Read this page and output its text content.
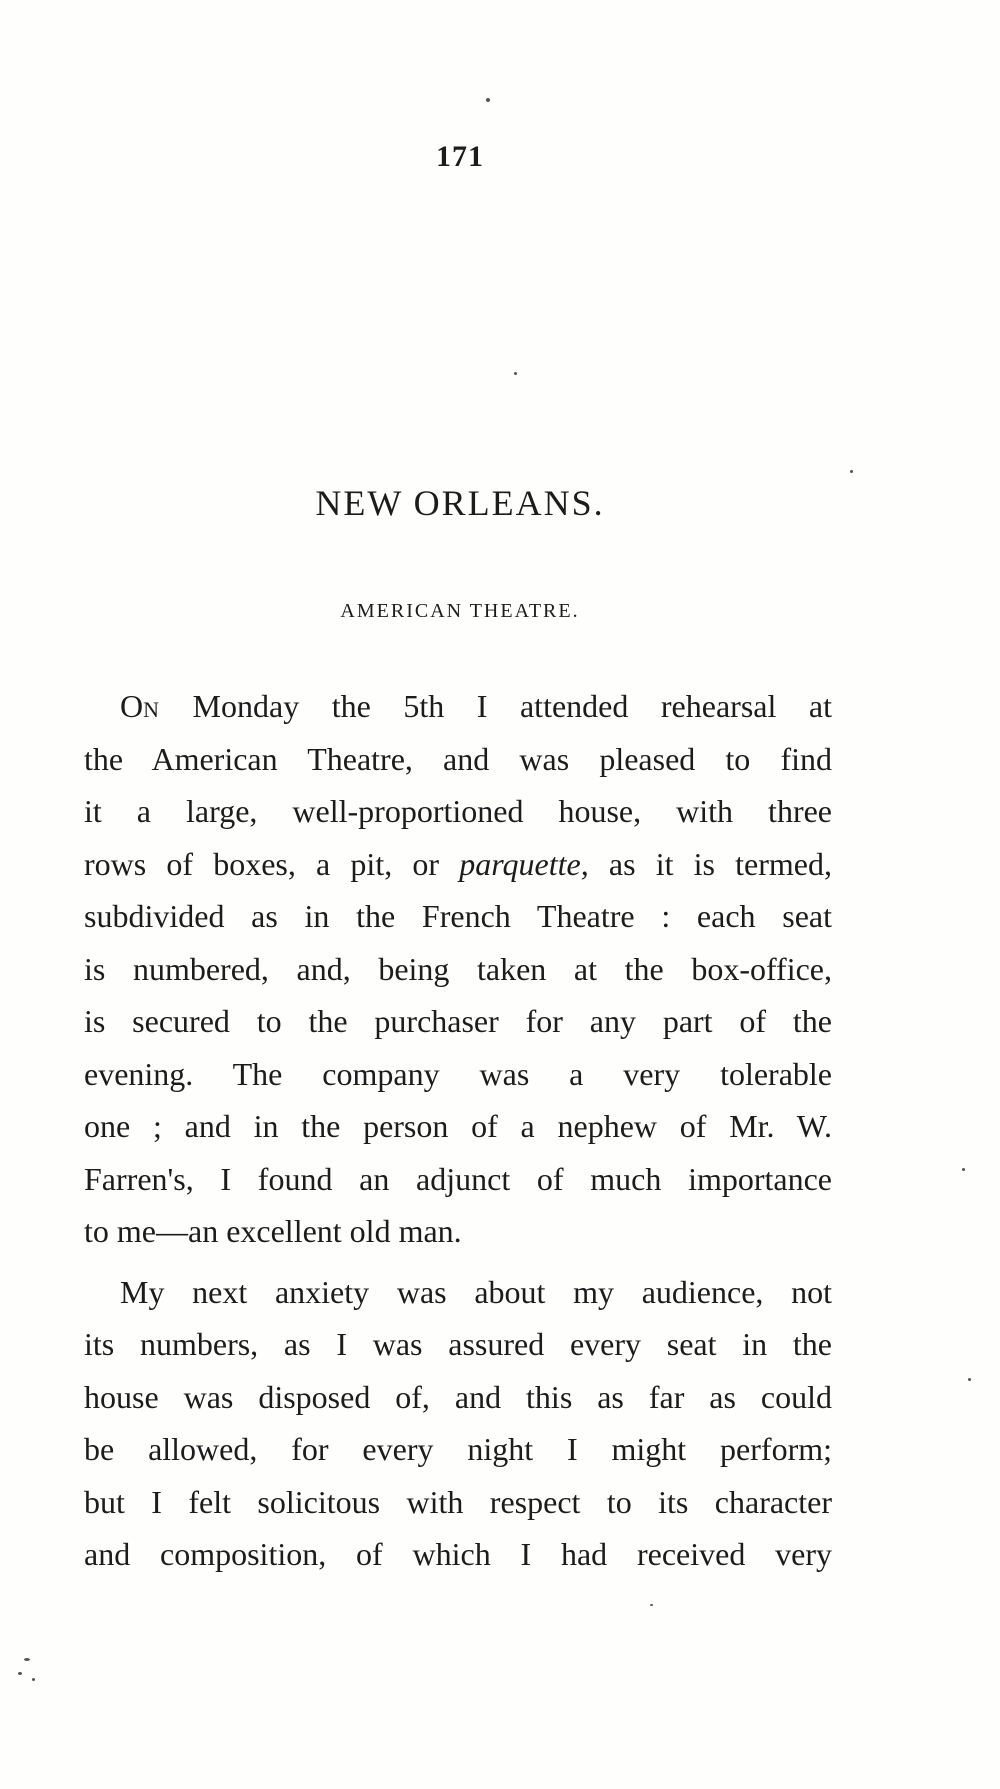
171
NEW ORLEANS.
AMERICAN THEATRE.
ON Monday the 5th I attended rehearsal at
the American Theatre, and was pleased to find
it a large, well-proportioned house, with three
rows of boxes, a pit, or parquette, as it is termed,
subdivided as in the French Theatre : each seat
is numbered, and, being taken at the box-office,
is secured to the purchaser for any part of the
evening. The company was a very tolerable
one ; and in the person of a nephew of Mr. W.
Farren's, I found an adjunct of much importance
to me—an excellent old man.
My next anxiety was about my audience, not
its numbers, as I was assured every seat in the
house was disposed of, and this as far as could
be allowed, for every night I might perform;
but I felt solicitous with respect to its character
and composition, of which I had received very
